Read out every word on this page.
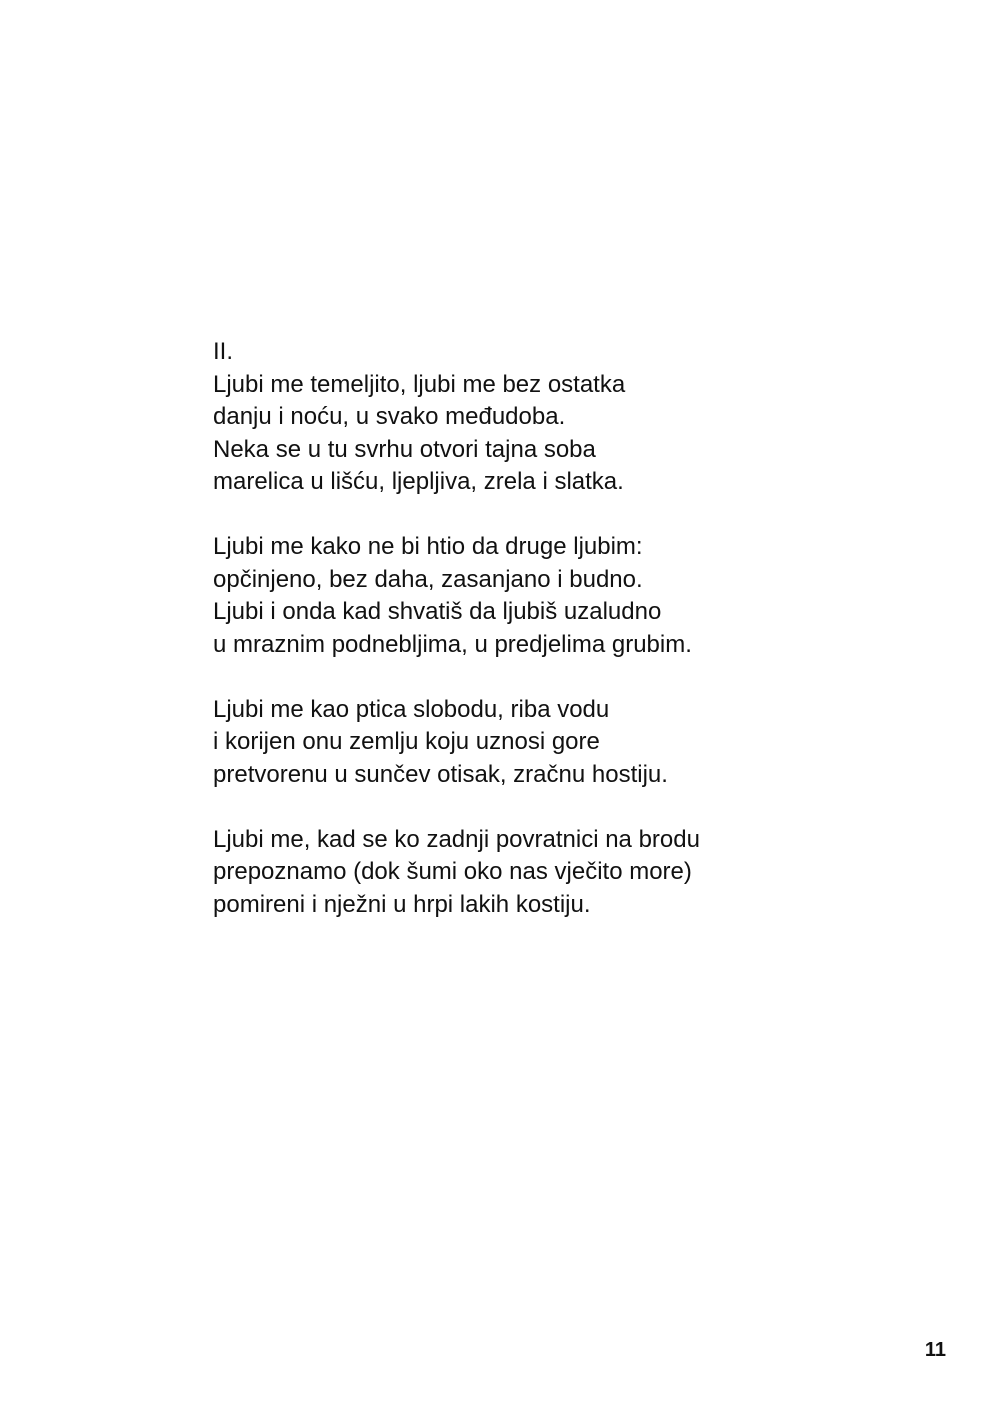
II.

Ljubi me temeljito, ljubi me bez ostatka
danju i noću, u svako međudoba.
Neka se u tu svrhu otvori tajna soba
marelica u lišću, ljepljiva, zrela i slatka.
Ljubi me kako ne bi htio da druge ljubim:
opčinjeno, bez daha, zasanjano i budno.
Ljubi i onda kad shvatiš da ljubiš uzaludno
u mraznim podnebljima, u predjelima grubim.
Ljubi me kao ptica slobodu, riba vodu
i korijen onu zemlju koju uznosi gore
pretvorenu u sunčev otisak, zračnu hostiju.
Ljubi me, kad se ko zadnji povratnici na brodu
prepoznamo (dok šumi oko nas vječito more)
pomireni i nježni u hrpi lakih kostiju.
11
